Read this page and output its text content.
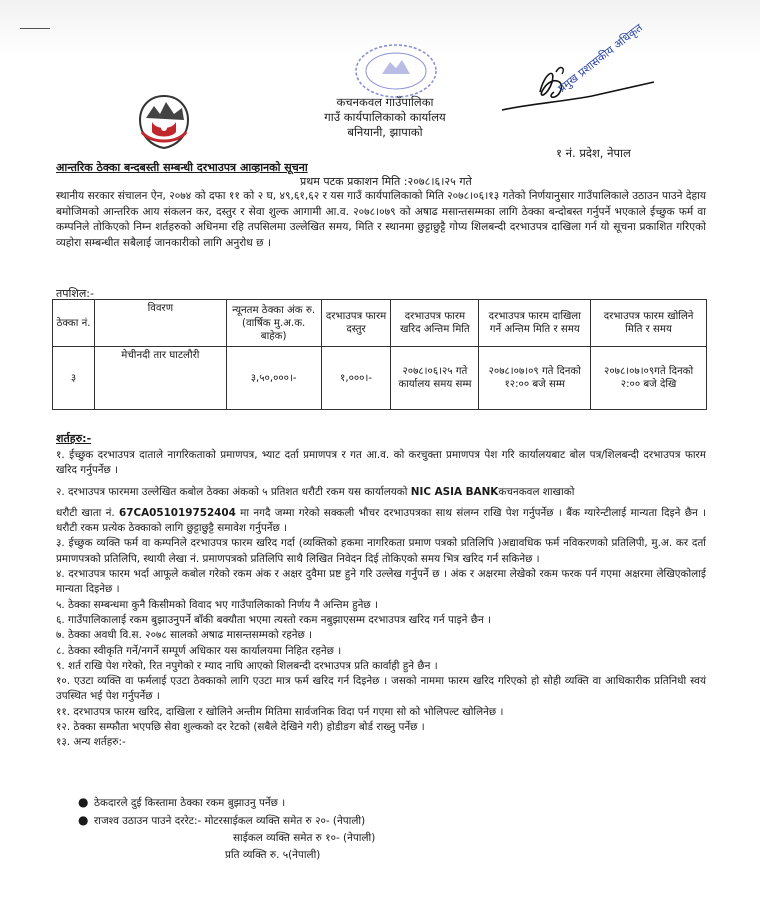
प्रमुख प्रशासकीय अधिकृत
कचनकवल गाउँपालिका
गाउँ कार्यपालिकाको कार्यालय
बनियानी, झापाको
१ नं. प्रदेश, नेपाल
आन्तरिक ठेक्का बन्दबस्ती सम्बन्धी दरभाउपत्र आव्हानको सूचना
प्रथम पटक प्रकाशन मिति :२०७८।६।२५ गते
स्थानीय सरकार संचालन ऐन, २०७४ को दफा ११ को २ घ, ४९,६१,६२ र यस गाउँ कार्यपालिकाको मिति २०७८।०६।१३ गतेको निर्णयानुसार गाउँपालिकाले उठाउन पाउने देहाय बमोजिमको आन्तरिक आय संकलन कर, दस्तुर र सेवा शुल्क आगामी आ.व. २०७८।०७९ को अषाढ मसान्तसम्मका लागि ठेक्का बन्दोबस्त गर्नुपर्ने भएकाले ईच्छुक फर्म वा कम्पनिले तोकिएको निम्न शर्तहरुको अधिनमा रहि तपसिलमा उल्लेखित समय, मिति र स्थानमा छुट्टाछुट्टै गोप्य शिलबन्दी दरभाउपत्र दाखिला गर्न यो सूचना प्रकाशित गरिएको व्यहोरा सम्बन्धीत सबैलाई जानकारीको लागि अनुरोध छ ।
तपशिल:-
ठेक्का नं.	विवरण	न्यूनतम ठेक्का अंक रु. (वार्षिक मु.अ.क. बाहेक)	दरभाउपत्र फारम दस्तुर	दरभाउपत्र फारम खरिद अन्तिम मिति	दरभाउपत्र फारम दाखिला गर्ने अन्तिम मिति र समय	दरभाउपत्र फारम खोलिने मिति र समय
३	मेचीनदी तार घाटलौरी	३,५०,०००।-	१,०००।-	२०७८।०६।२५ गते कार्यालय समय सम्म	२०७८।०७।०९ गते दिनको १२:०० बजे सम्म	२०७८।०७।०९गते दिनको २:०० बजे देखि
शर्तहरु:-

१. ईच्छुक दरभाउपत्र दाताले नागरिकताको प्रमाणपत्र, भ्याट दर्ता प्रमाणपत्र र गत आ.व. को करचुक्ता प्रमाणपत्र पेश गरि कार्यालयबाट बोल पत्र/शिलबन्दी दरभाउपत्र फारम खरिद गर्नुपर्नेछ ।

२. दरभाउपत्र फारममा उल्लेखित कबोल ठेक्का अंकको ५ प्रतिशत धरौटी रकम यस कार्यालयको NIC ASIA BANKकचनकवल शाखाको

धरौटी खाता नं. 67CA051019752404 मा नगदै जम्मा गरेको सक्कली भौचर दरभाउपत्रका साथ संलग्न राखि पेश गर्नुपर्नेछ । बैंक ग्यारेन्टीलाई मान्यता दिइने छैन । धरौटी रकम प्रत्येक ठेक्काको लागि छुट्टाछुट्टै समावेश गर्नुपर्नेछ ।

३. ईच्छुक व्यक्ति फर्म वा कम्पनिले दरभाउपत्र फारम खरिद गर्दा (व्यक्तिको हकमा नागरिकता प्रमाण पत्रको प्रतिलिपि )अद्यावधिक फर्म नविकरणको प्रतिलिपी, मु.अ. कर दर्ता प्रमाणपत्रको प्रतिलिपि, स्थायी लेखा नं. प्रमाणपत्रको प्रतिलिपि साथै लिखित निवेदन दिई तोकिएको समय भित्र खरिद गर्न सकिनेछ ।

४. दरभाउपत्र फारम भर्दा आफूले कबोल गरेको रकम अंक र अक्षर दुवैमा प्रष्ट हुने गरि उल्लेख गर्नुपर्ने छ । अंक र अक्षरमा लेखेको रकम फरक पर्न गएमा अक्षरमा लेखिएकोलाई मान्यता दिइनेछ ।

५. ठेक्का सम्बन्धमा कुनै किसीमको विवाद भए गाउँपालिकाको निर्णय नै अन्तिम हुनेछ ।

६. गाउँपालिकालाई रकम बुझाउनुपर्ने बाँकी बक्यौता भएमा त्यस्तो रकम नबुझाएसम्म दरभाउपत्र खरिद गर्न पाइने छैन ।

७. ठेक्का अवधी वि.स. २०७८ सालको अषाढ मासन्तसम्मको रहनेछ ।

८. ठेक्का स्वीकृति गर्ने/नगर्ने सम्पूर्ण अधिकार यस कार्यालयमा निहित रहनेछ ।

९. शर्त राखि पेश गरेको, रित नपुगेको र म्याद नाघि आएको शिलबन्दी दरभाउपत्र प्रति कार्वाही हुने छैन ।

१०. एउटा व्यक्ति वा फर्मलाई एउटा ठेक्काको लागि एउटा मात्र फर्म खरिद गर्न दिइनेछ । जसको नाममा फारम खरिद गरिएको हो सोही व्यक्ति वा आधिकारीक प्रतिनिधी स्वयं उपस्थित भई पेश गर्नुपर्नेछ ।

११. दरभाउपत्र फारम खरिद, दाखिला र खोलिने अन्तीम मितिमा सार्वजनिक विदा पर्न गएमा सो को भोलिपल्ट खोलिनेछ ।

१२. ठेक्का सम्फौता भएपछि सेवा शुल्कको दर रेटको (सबैले देखिने गरी) होडीङग बोर्ड राख्नु पर्नेछ ।

१३. अन्य शर्तहरु:-

● ठेकदारले दुई किस्तामा ठेक्का रकम बुझाउनु पर्नेछ ।
● राजश्व उठाउन पाउने दररेट:- मोटरसाईकल व्यक्ति समेत रु २०- (नेपाली)
साईकल व्यक्ति समेत रु १०- (नेपाली)
प्रति व्यक्ति रु. ५(नेपाली)
